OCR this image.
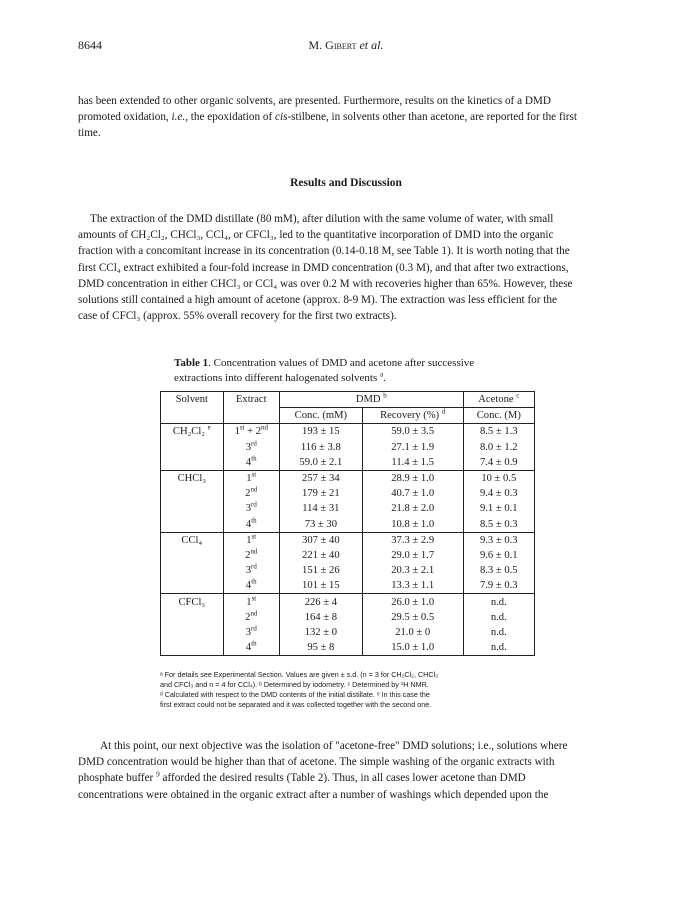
8644	M. Gibert et al.

has been extended to other organic solvents, are presented. Furthermore, results on the kinetics of a DMD

promoted oxidation, i.e., the epoxidation of cis-stilbene, in solvents other than acetone, are reported for the first

time.

Results and Discussion

The extraction of the DMD distillate (80 mM), after dilution with the same volume of water, with small

amounts of CH₂Cl₂, CHCl₃, CCl₄, or CFCl₃, led to the quantitative incorporation of DMD into the organic

fraction with a concomitant increase in its concentration (0.14-0.18 M, see Table 1). It is worth noting that the

first CCl₄ extract exhibited a four-fold increase in DMD concentration (0.3 M), and that after two extractions,

DMD concentration in either CHCl₃ or CCl₄ was over 0.2 M with recoveries higher than 65%. However, these

solutions still contained a high amount of acetone (approx. 8-9 M). The extraction was less efficient for the

case of CFCl₃ (approx. 55% overall recovery for the first two extracts).

Table 1. Concentration values of DMD and acetone after successive
extractions into different halogenated solvents $^a$.
Solvent	Extract	DMD $^b$		Acetone $^c$
		Conc. (mM)	Recovery (%) $^d$	Conc. (M)
CH₂Cl₂ $^e$	1st + 2nd	193 ± 15	59.0 ± 3.5	8.5 ± 1.3
	3rd	116 ± 3.8	27.1 ± 1.9	8.0 ± 1.2
	4th	59.0 ± 2.1	11.4 ± 1.5	7.4 ± 0.9
CHCl₃	1st	257 ± 34	28.9 ± 1.0	10 ± 0.5
	2nd	179 ± 21	40.7 ± 1.0	9.4 ± 0.3
	3rd	114 ± 31	21.8 ± 2.0	9.1 ± 0.1
	4th	73 ± 30	10.8 ± 1.0	8.5 ± 0.3
CCl₄	1st	307 ± 40	37.3 ± 2.9	9.3 ± 0.3
	2nd	221 ± 40	29.0 ± 1.7	9.6 ± 0.1
	3rd	151 ± 26	20.3 ± 2.1	8.3 ± 0.5
	4th	101 ± 15	13.3 ± 1.1	7.9 ± 0.3
CFCl₃	1st	226 ± 4	26.0 ± 1.0	n.d.
	2nd	164 ± 8	29.5 ± 0.5	n.d.
	3rd	132 ± 0	21.0 ± 0	n.d.
	4th	95 ± 8	15.0 ± 1.0	n.d.

ᵃ For details see Experimental Section. Values are given ± s.d. (n = 3 for CH₂Cl₂, CHCl₃

and CFCl₃ and n = 4 for CCl₄). ᵇ Determined by iodometry. ᶜ Determined by ¹H NMR.

ᵈ Calculated with respect to the DMD contents of the initial distillate. ᵉ In this case the

first extract could not be separated and it was collected together with the second one.

At this point, our next objective was the isolation of "acetone-free" DMD solutions; i.e., solutions where

DMD concentration would be higher than that of acetone. The simple washing of the organic extracts with

phosphate buffer $^9$ afforded the desired results (Table 2). Thus, in all cases lower acetone than DMD

concentrations were obtained in the organic extract after a number of washings which depended upon the
